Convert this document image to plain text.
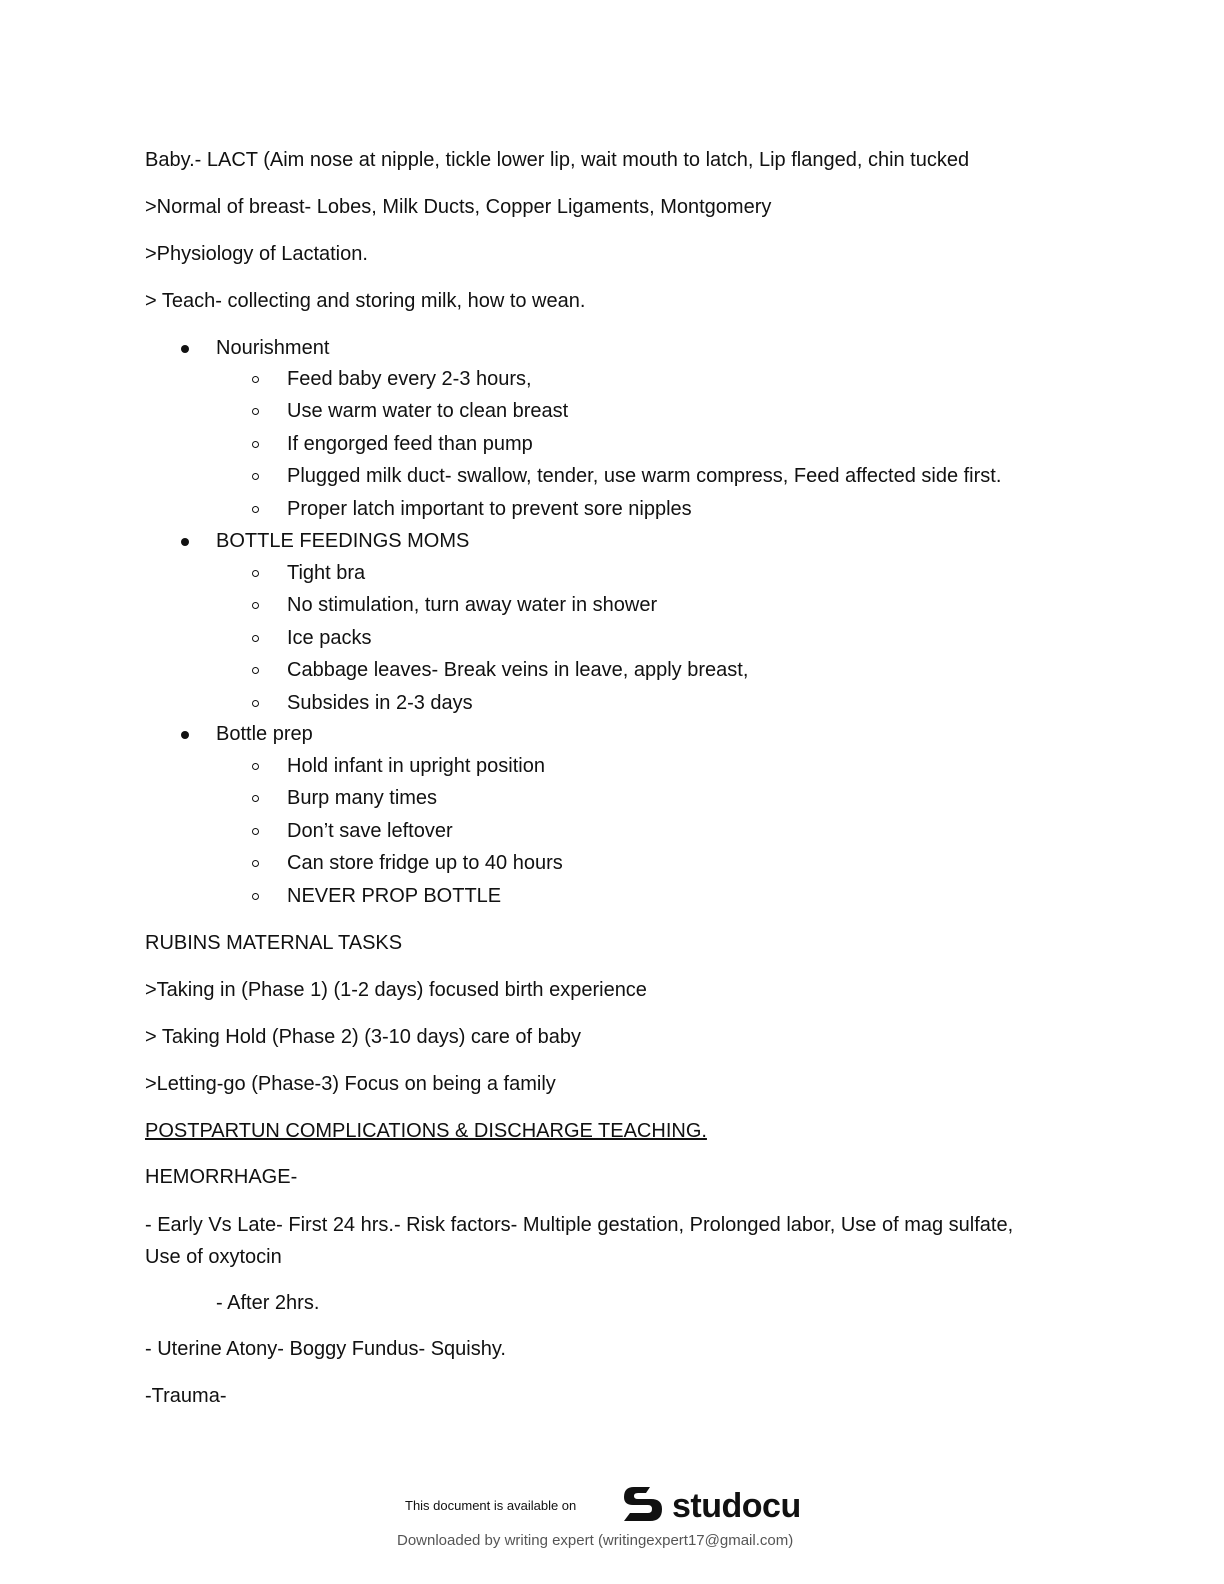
Baby.- LACT (Aim nose at nipple, tickle lower lip, wait mouth to latch, Lip flanged, chin tucked
>Normal of breast- Lobes, Milk Ducts, Copper Ligaments, Montgomery
>Physiology of Lactation.
> Teach- collecting and storing milk, how to wean.
Nourishment
Feed baby every 2-3 hours,
Use warm water to clean breast
If engorged feed than pump
Plugged milk duct- swallow, tender, use warm compress, Feed affected side first.
Proper latch important to prevent sore nipples
BOTTLE FEEDINGS MOMS
Tight bra
No stimulation, turn away water in shower
Ice packs
Cabbage leaves- Break veins in leave, apply breast,
Subsides in 2-3 days
Bottle prep
Hold infant in upright position
Burp many times
Don’t save leftover
Can store fridge up to 40 hours
NEVER PROP BOTTLE
RUBINS MATERNAL TASKS
>Taking in (Phase 1) (1-2 days) focused birth experience
> Taking Hold (Phase 2) (3-10 days) care of baby
>Letting-go (Phase-3) Focus on being a family
POSTPARTUN COMPLICATIONS & DISCHARGE TEACHING.
HEMORRHAGE-
- Early Vs Late- First 24 hrs.- Risk factors- Multiple gestation, Prolonged labor, Use of mag sulfate, Use of oxytocin
- After 2hrs.
- Uterine Atony- Boggy Fundus- Squishy.
-Trauma-
This document is available on	studocu
Downloaded by writing expert (writingexpert17@gmail.com)
